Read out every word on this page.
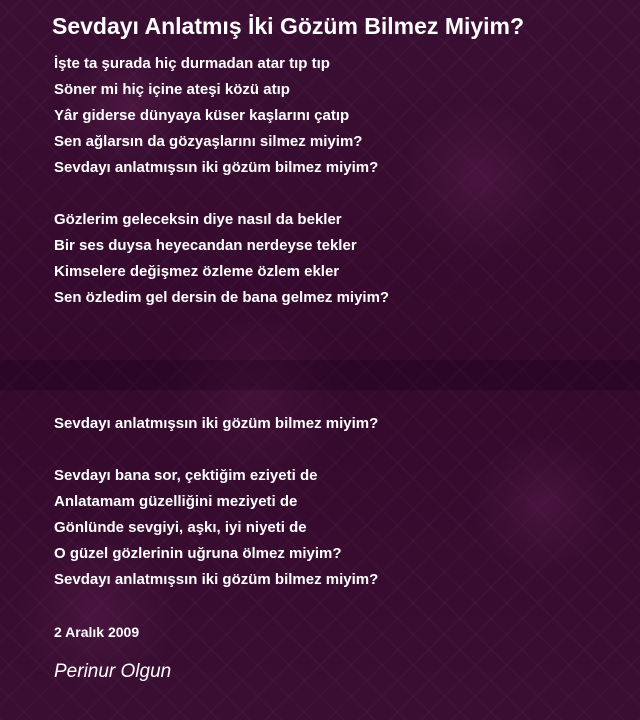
Sevdayı Anlatmış İki Gözüm Bilmez Miyim?
İşte ta şurada hiç durmadan atar tıp tıp
Söner mi hiç içine ateşi közü atıp
Yâr giderse dünyaya küser kaşlarını çatıp
Sen ağlarsın da gözyaşlarını silmez miyim?
Sevdayı anlatmışsın iki gözüm bilmez miyim?
Gözlerim geleceksin diye nasıl da bekler
Bir ses duysa heyecandan nerdeyse tekler
Kimselere değişmez özleme özlem ekler
Sen özledim gel dersin de bana gelmez miyim?
Sevdayı anlatmışsın iki gözüm bilmez miyim?
Sevdayı bana sor, çektiğim eziyeti de
Anlatamam güzelliğini meziyeti de
Gönlünde sevgiyi, aşkı, iyi niyeti de
O güzel gözlerinin uğruna ölmez miyim?
Sevdayı anlatmışsın iki gözüm bilmez miyim?
2 Aralık 2009
Perinur Olgun
